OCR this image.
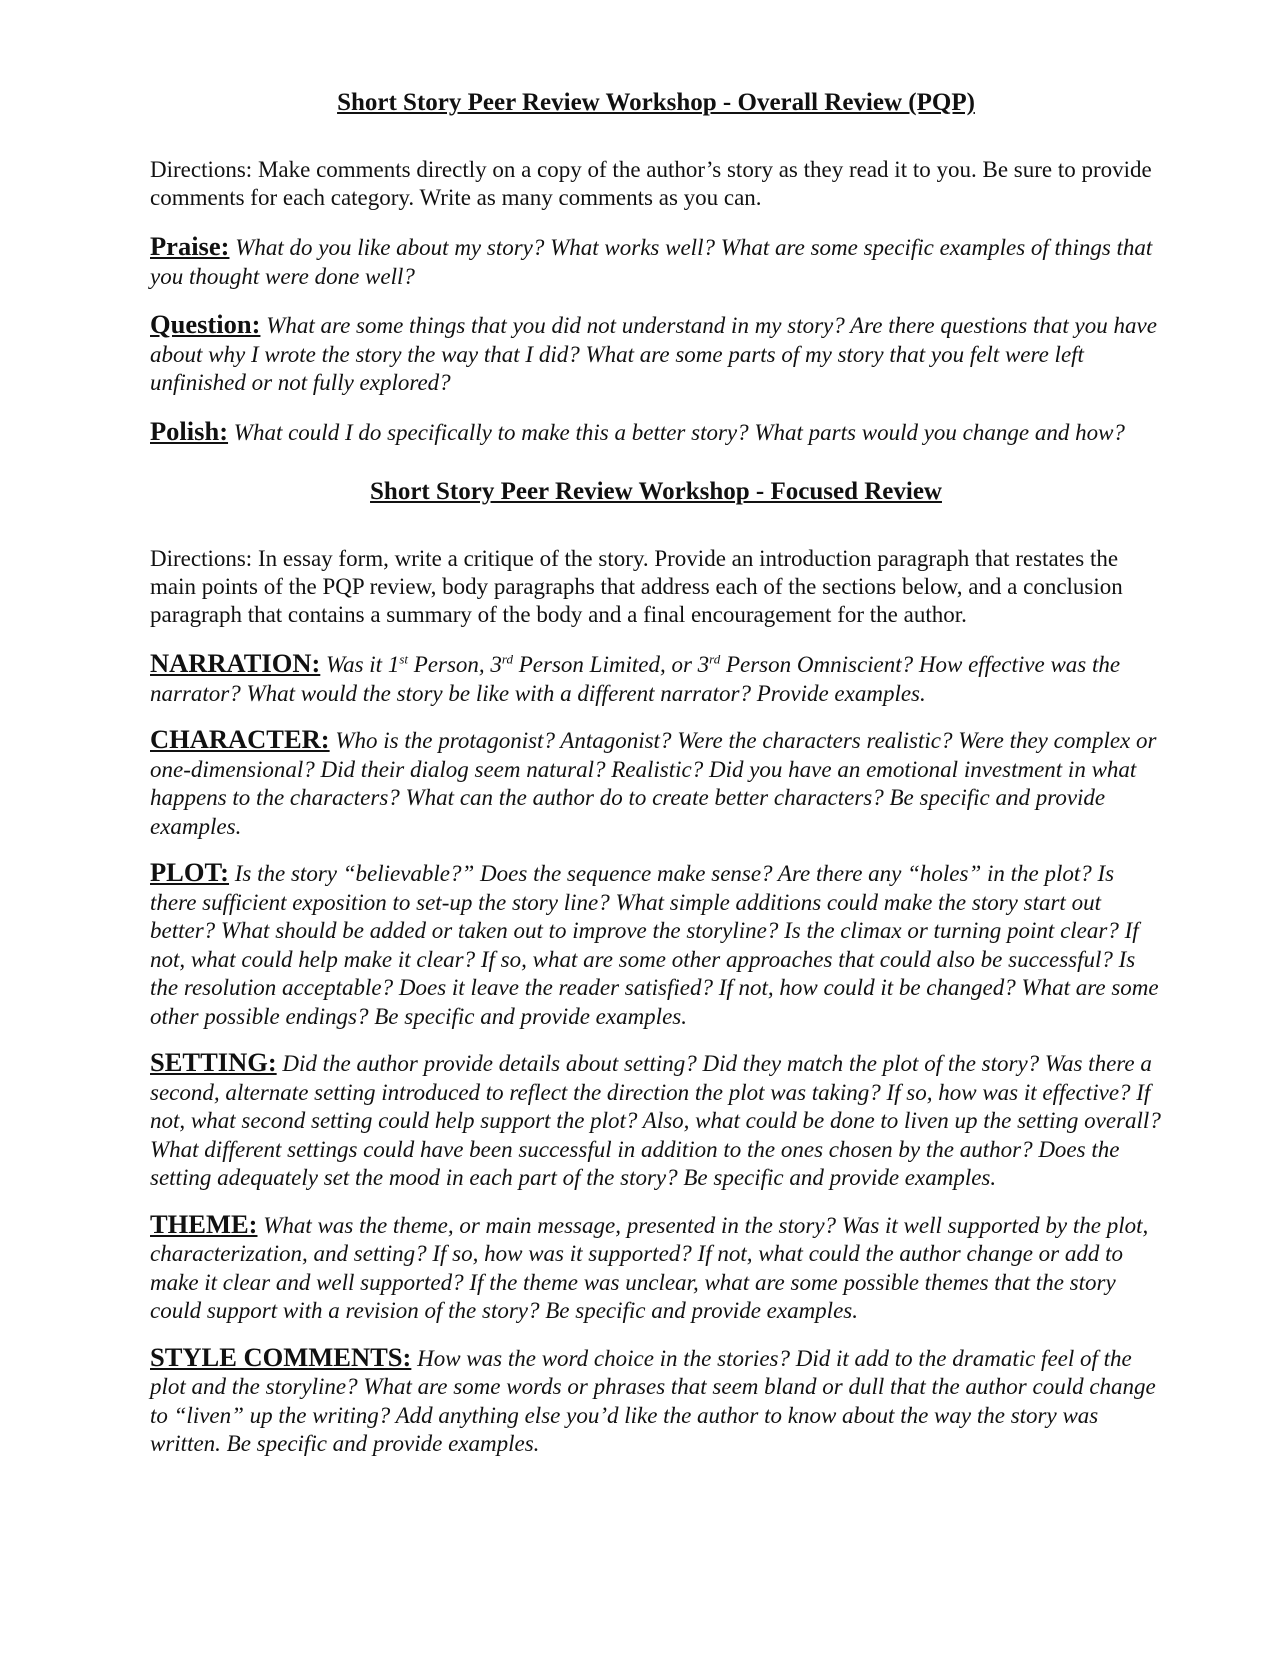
Short Story Peer Review Workshop - Overall Review (PQP)

Directions: Make comments directly on a copy of the author’s story as they read it to you. Be sure to provide comments for each category. Write as many comments as you can.

Praise: What do you like about my story? What works well? What are some specific examples of things that you thought were done well?

Question: What are some things that you did not understand in my story? Are there questions that you have about why I wrote the story the way that I did? What are some parts of my story that you felt were left unfinished or not fully explored?

Polish: What could I do specifically to make this a better story? What parts would you change and how?

Short Story Peer Review Workshop - Focused Review

Directions: In essay form, write a critique of the story. Provide an introduction paragraph that restates the main points of the PQP review, body paragraphs that address each of the sections below, and a conclusion paragraph that contains a summary of the body and a final encouragement for the author.

NARRATION: Was it 1st Person, 3rd Person Limited, or 3rd Person Omniscient? How effective was the narrator? What would the story be like with a different narrator? Provide examples.

CHARACTER: Who is the protagonist? Antagonist? Were the characters realistic? Were they complex or one-dimensional? Did their dialog seem natural? Realistic? Did you have an emotional investment in what happens to the characters? What can the author do to create better characters? Be specific and provide examples.

PLOT: Is the story “believable?” Does the sequence make sense? Are there any “holes” in the plot? Is there sufficient exposition to set-up the story line? What simple additions could make the story start out better? What should be added or taken out to improve the storyline? Is the climax or turning point clear? If not, what could help make it clear? If so, what are some other approaches that could also be successful? Is the resolution acceptable? Does it leave the reader satisfied? If not, how could it be changed? What are some other possible endings? Be specific and provide examples.

SETTING: Did the author provide details about setting? Did they match the plot of the story? Was there a second, alternate setting introduced to reflect the direction the plot was taking? If so, how was it effective? If not, what second setting could help support the plot? Also, what could be done to liven up the setting overall? What different settings could have been successful in addition to the ones chosen by the author? Does the setting adequately set the mood in each part of the story? Be specific and provide examples.

THEME: What was the theme, or main message, presented in the story? Was it well supported by the plot, characterization, and setting? If so, how was it supported? If not, what could the author change or add to make it clear and well supported? If the theme was unclear, what are some possible themes that the story could support with a revision of the story? Be specific and provide examples.

STYLE COMMENTS: How was the word choice in the stories? Did it add to the dramatic feel of the plot and the storyline? What are some words or phrases that seem bland or dull that the author could change to “liven” up the writing? Add anything else you’d like the author to know about the way the story was written. Be specific and provide examples.
